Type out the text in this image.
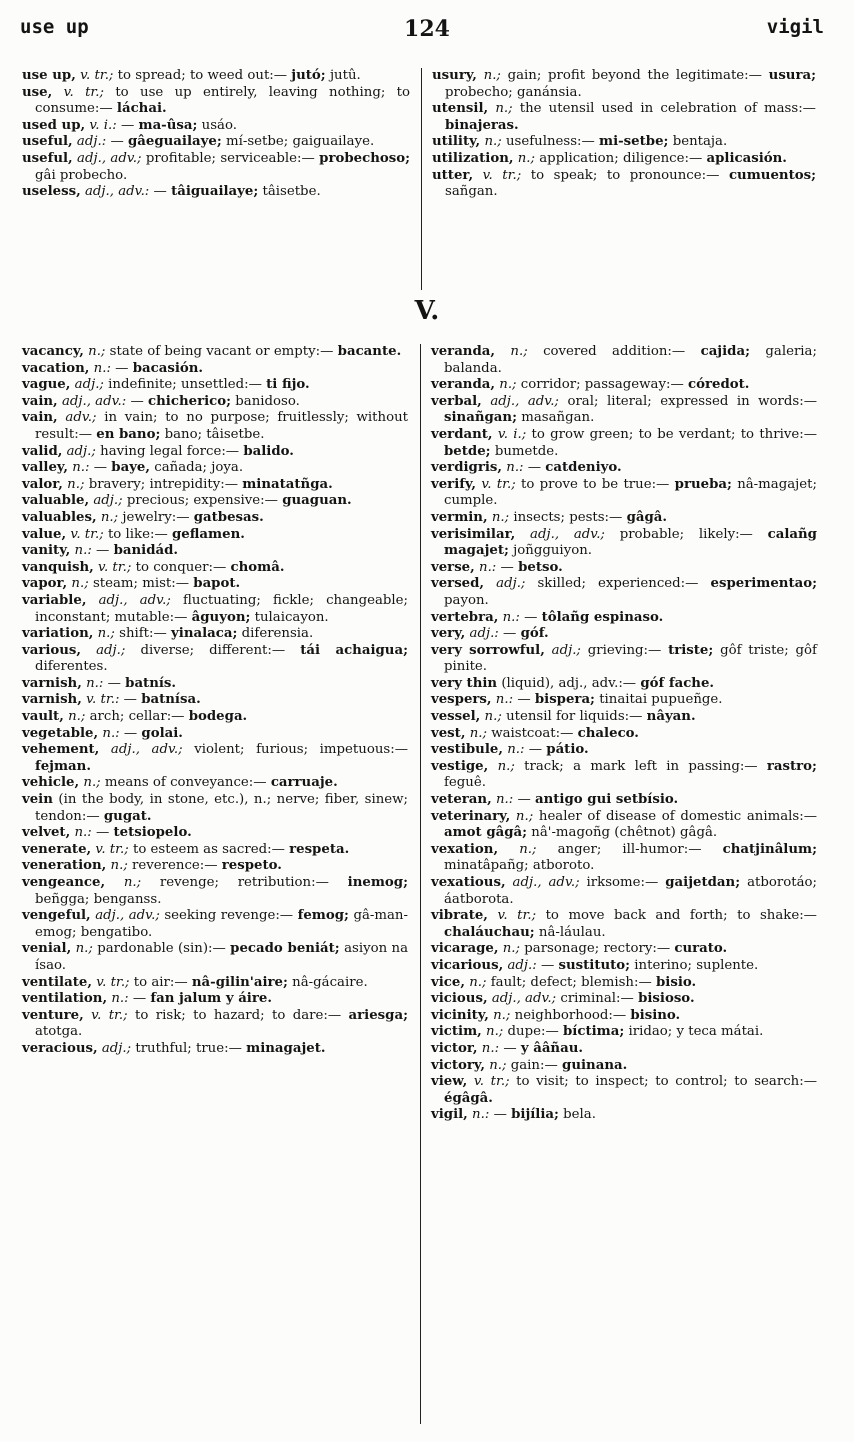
use up	124	vigil

use up, v. tr.; to spread; to weed out:— jutó; jutû.

use, v. tr.; to use up entirely, leaving nothing; to consume:— láchai.

used up, v. i.: — ma-ûsa; usáo.

useful, adj.: — gâeguailaye; mí-setbe; gaiguailaye.

useful, adj., adv.; profitable; serviceable:— probechoso; gâi probecho.

useless, adj., adv.: — tâiguailaye; tâisetbe.

usury, n.; gain; profit beyond the legitimate:— usura; probecho; ganánsia.

utensil, n.; the utensil used in celebration of mass:— binajeras.

utility, n.; usefulness:— mi-setbe; bentaja.

utilization, n.; application; diligence:— aplicasión.

utter, v. tr.; to speak; to pronounce:— cumuentos; sañgan.

V.

vacancy, n.; state of being vacant or empty:— bacante.

vacation, n.: — bacasión.

vague, adj.; indefinite; unsettled:— ti fijo.

vain, adj., adv.: — chicherico; banidoso.

vain, adv.; in vain; to no purpose; fruitlessly; without result:— en bano; bano; tâisetbe.

valid, adj.; having legal force:— balido.

valley, n.: — baye, cañada; joya.

valor, n.; bravery; intrepidity:— minatatñga.

valuable, adj.; precious; expensive:— guaguan.

valuables, n.; jewelry:— gatbesas.

value, v. tr.; to like:— geflamen.

vanity, n.: — banidád.

vanquish, v. tr.; to conquer:— chomâ.

vapor, n.; steam; mist:— bapot.

variable, adj., adv.; fluctuating; fickle; changeable; inconstant; mutable:— âguyon; tulaicayon.

variation, n.; shift:— yinalaca; diferensia.

various, adj.; diverse; different:— tái achaigua; diferentes.

varnish, n.: — batnís.

varnish, v. tr.: — batnísa.

vault, n.; arch; cellar:— bodega.

vegetable, n.: — golai.

vehement, adj., adv.; violent; furious; impetuous:— fejman.

vehicle, n.; means of conveyance:— carruaje.

vein (in the body, in stone, etc.), n.; nerve; fiber, sinew; tendon:— gugat.

velvet, n.: — tetsiopelo.

venerate, v. tr.; to esteem as sacred:— respeta.

veneration, n.; reverence:— respeto.

vengeance, n.; revenge; retribution:— inemog; beñgga; benganss.

vengeful, adj., adv.; seeking revenge:— femog; gâ-man-emog; bengatibo.

venial, n.; pardonable (sin):— pecado beniát; asiyon na ísao.

ventilate, v. tr.; to air:— nâ-gilin'aire; nâ-gácaire.

ventilation, n.: — fan jalum y áire.

venture, v. tr.; to risk; to hazard; to dare:— ariesga; atotga.

veracious, adj.; truthful; true:— minagajet.

veranda, n.; covered addition:— cajida; galeria; balanda.

veranda, n.; corridor; passageway:— córedot.

verbal, adj., adv.; oral; literal; expressed in words:— sinañgan; masañgan.

verdant, v. i.; to grow green; to be verdant; to thrive:— betde; bumetde.

verdigris, n.: — catdeniyo.

verify, v. tr.; to prove to be true:— prueba; nâ-magajet; cumple.

vermin, n.; insects; pests:— gâgâ.

verisimilar, adj., adv.; probable; likely:— calañg magajet; joñgguiyon.

verse, n.: — betso.

versed, adj.; skilled; experienced:— esperimentao; payon.

vertebra, n.: — tôlañg espinaso.

very, adj.: — góf.

very sorrowful, adj.; grieving:— triste; gôf triste; gôf pinite.

very thin (liquid), adj., adv.:— góf fache.

vespers, n.: — bispera; tinaitai pupueñge.

vessel, n.; utensil for liquids:— nâyan.

vest, n.; waistcoat:— chaleco.

vestibule, n.: — pátio.

vestige, n.; track; a mark left in passing:— rastro; feguê.

veteran, n.: — antigo gui setbísio.

veterinary, n.; healer of disease of domestic animals:— amot gâgâ; nâ'-magoñg (chêtnot) gâgâ.

vexation, n.; anger; ill-humor:— chatjinâlum; minatâpañg; atboroto.

vexatious, adj., adv.; irksome:— gaijetdan; atborotáo; áatborota.

vibrate, v. tr.; to move back and forth; to shake:— chaláuchau; nâ-láulau.

vicarage, n.; parsonage; rectory:— curato.

vicarious, adj.: — sustituto; interino; suplente.

vice, n.; fault; defect; blemish:— bisio.

vicious, adj., adv.; criminal:— bisioso.

vicinity, n.; neighborhood:— bisino.

victim, n.; dupe:— bíctima; iridao; y teca mátai.

victor, n.: — y ââñau.

victory, n.; gain:— guinana.

view, v. tr.; to visit; to inspect; to control; to search:— égâgâ.

vigil, n.: — bijília; bela.
